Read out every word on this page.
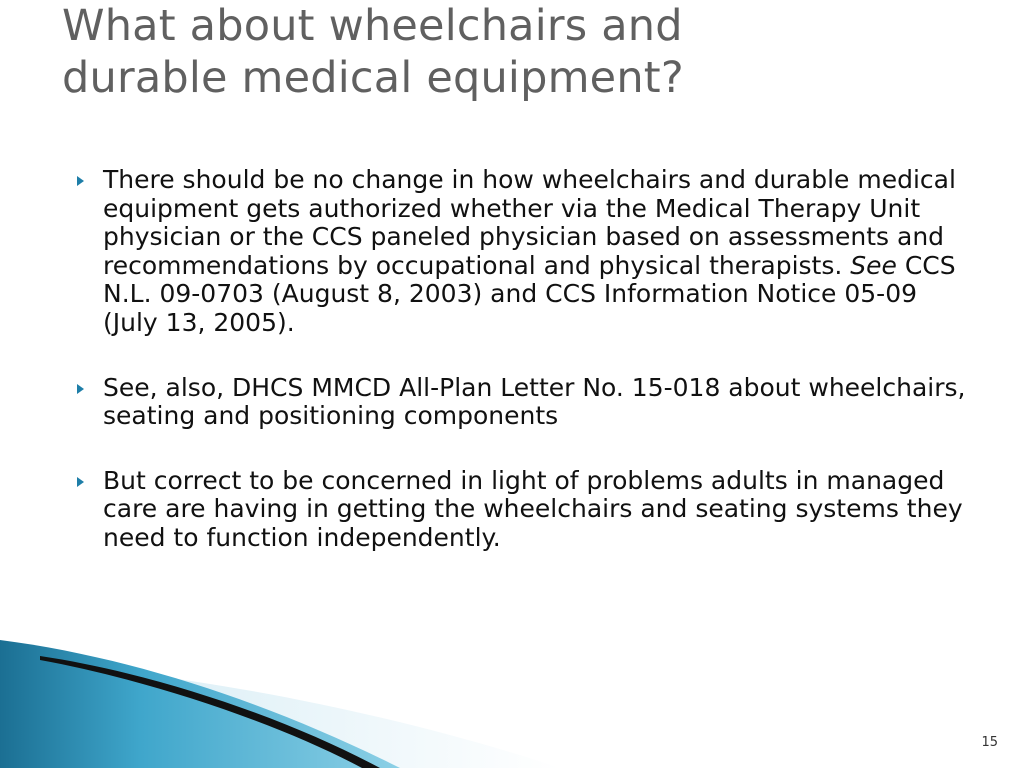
What about wheelchairs and
durable medical equipment?
There should be no change in how wheelchairs and durable medical equipment gets authorized whether via the Medical Therapy Unit physician or the CCS paneled physician based on assessments and recommendations by occupational and physical therapists. See CCS N.L. 09-0703 (August 8, 2003) and CCS Information Notice 05-09 (July 13, 2005).
See, also, DHCS MMCD All-Plan Letter No. 15-018 about wheelchairs, seating and positioning components
But correct to be concerned in light of problems adults in managed care are having in getting the wheelchairs and seating systems they need to function independently.
15
